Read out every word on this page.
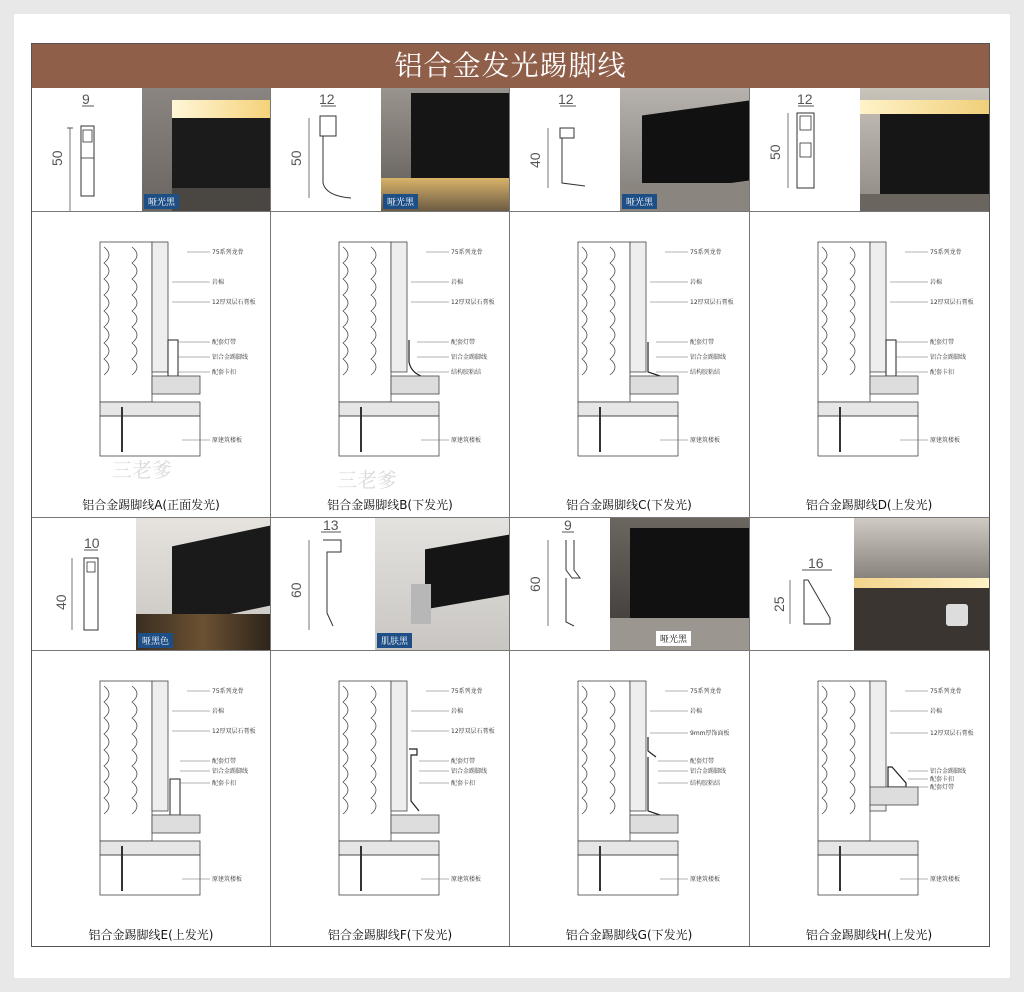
铝合金发光踢脚线
9
50
哑光黑
12
50
哑光黑
12
40
哑光黑
12
50
75系列龙骨
岩棉
12厚双层石膏板
配套灯带
铝合金踢脚线
配套卡扣
原建筑楼板
75系列龙骨
岩棉
12厚双层石膏板
配套灯带
铝合金踢脚线
结构胶粘结
原建筑楼板
75系列龙骨
岩棉
12厚双层石膏板
配套灯带
铝合金踢脚线
结构胶粘结
原建筑楼板
75系列龙骨
岩棉
12厚双层石膏板
配套灯带
铝合金踢脚线
配套卡扣
原建筑楼板
三老爹	三老爹
铝合金踢脚线A(正面发光)	铝合金踢脚线B(下发光)	铝合金踢脚线C(下发光)	铝合金踢脚线D(上发光)
10
40
哑黑色
13
60
肌肤黑
9
60
哑光黑
16
25
75系列龙骨
岩棉
12厚双层石膏板
配套灯带
铝合金踢脚线
配套卡扣
原建筑楼板
75系列龙骨
岩棉
12厚双层石膏板
配套灯带
铝合金踢脚线
配套卡扣
原建筑楼板
75系列龙骨
岩棉
9mm厚饰面板
配套灯带
铝合金踢脚线
结构胶粘结
原建筑楼板
75系列龙骨
岩棉
12厚双层石膏板
铝合金踢脚线
配套卡扣
配套灯带
原建筑楼板
铝合金踢脚线E(上发光)	铝合金踢脚线F(下发光)	铝合金踢脚线G(下发光)	铝合金踢脚线H(上发光)
